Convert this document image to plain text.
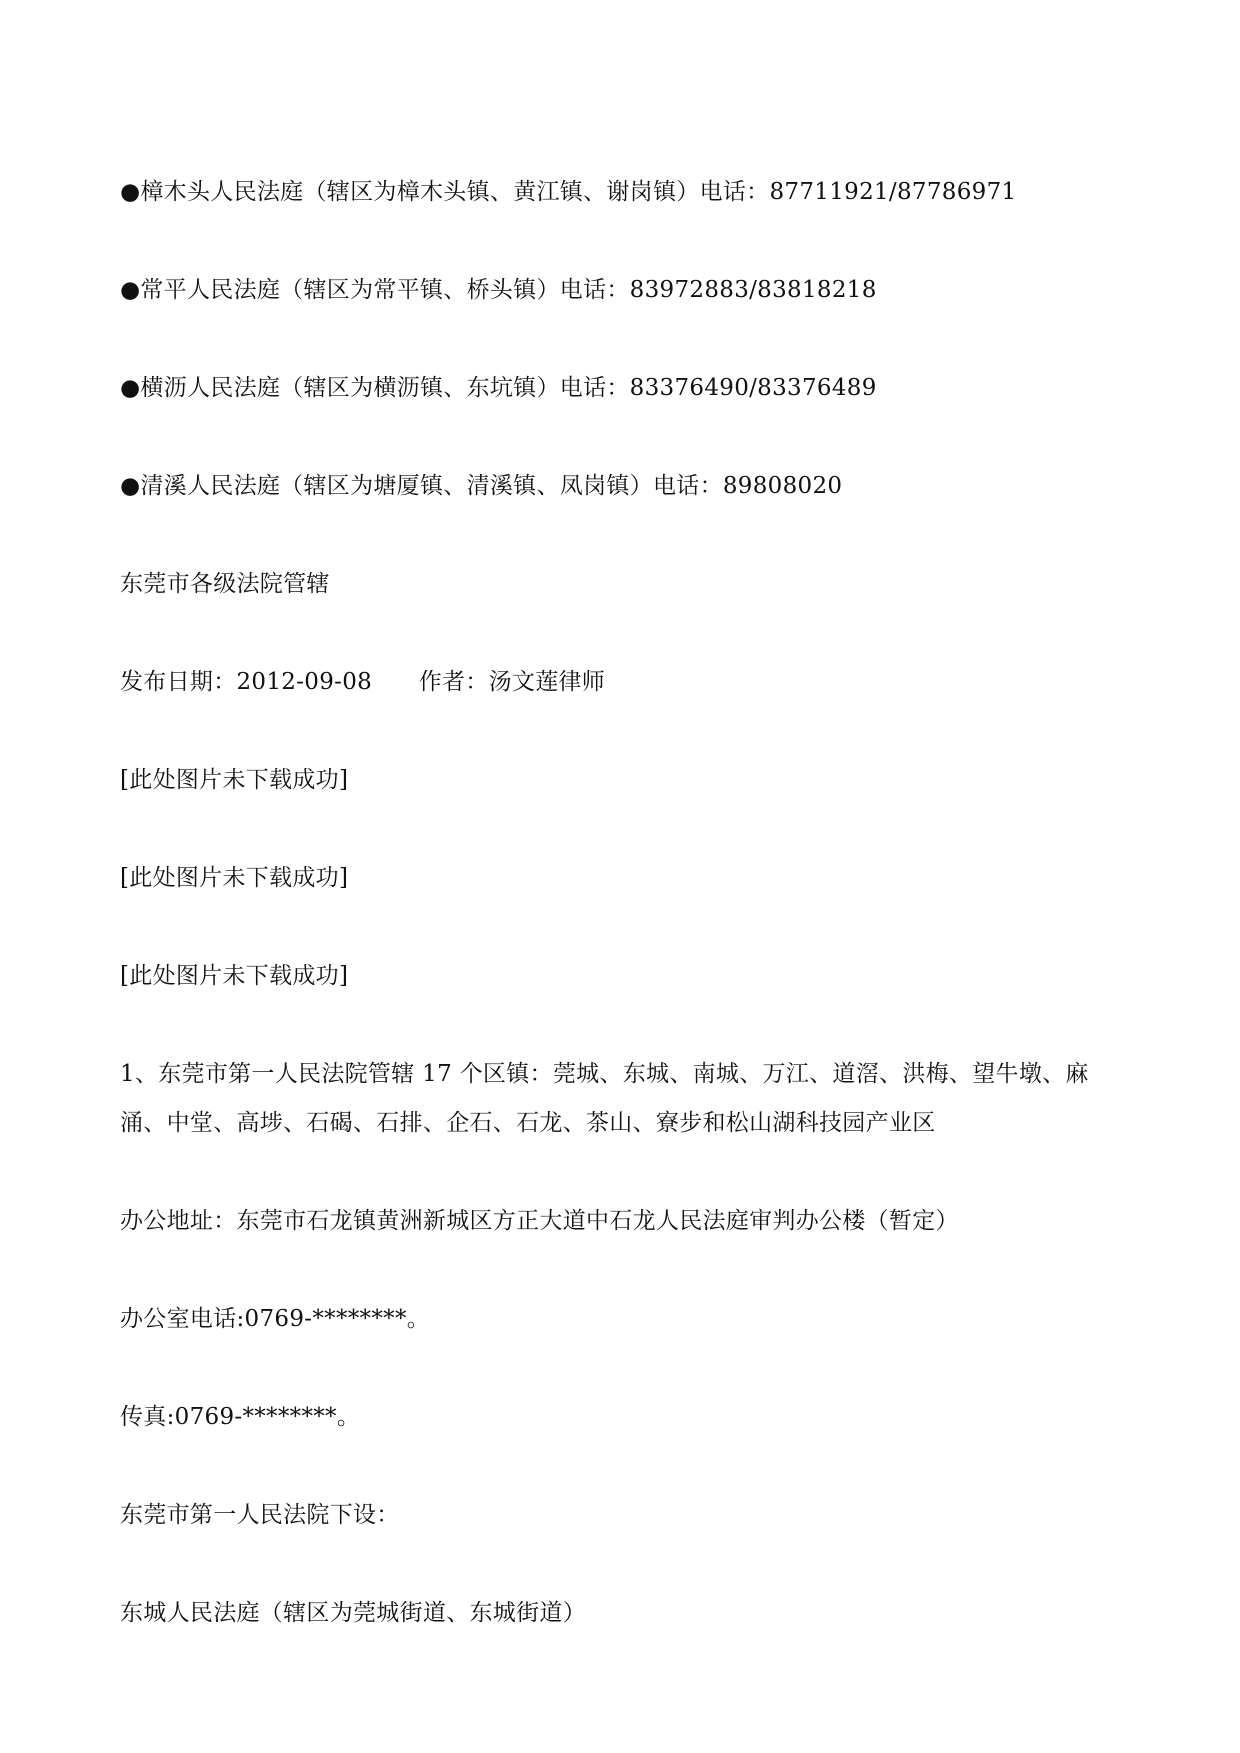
●樟木头人民法庭（辖区为樟木头镇、黄江镇、谢岗镇）电话：87711921/87786971
●常平人民法庭（辖区为常平镇、桥头镇）电话：83972883/83818218
●横沥人民法庭（辖区为横沥镇、东坑镇）电话：83376490/83376489
●清溪人民法庭（辖区为塘厦镇、清溪镇、凤岗镇）电话：89808020
东莞市各级法院管辖
发布日期：2012-09-08　　作者：汤文莲律师
[此处图片未下载成功]
[此处图片未下载成功]
[此处图片未下载成功]
1、东莞市第一人民法院管辖 17 个区镇：莞城、东城、南城、万江、道滘、洪梅、望牛墩、麻涌、中堂、高埗、石碣、石排、企石、石龙、茶山、寮步和松山湖科技园产业区
办公地址：东莞市石龙镇黄洲新城区方正大道中石龙人民法庭审判办公楼（暂定）
办公室电话:0769-********。
传真:0769-********。
东莞市第一人民法院下设：
东城人民法庭（辖区为莞城街道、东城街道）
